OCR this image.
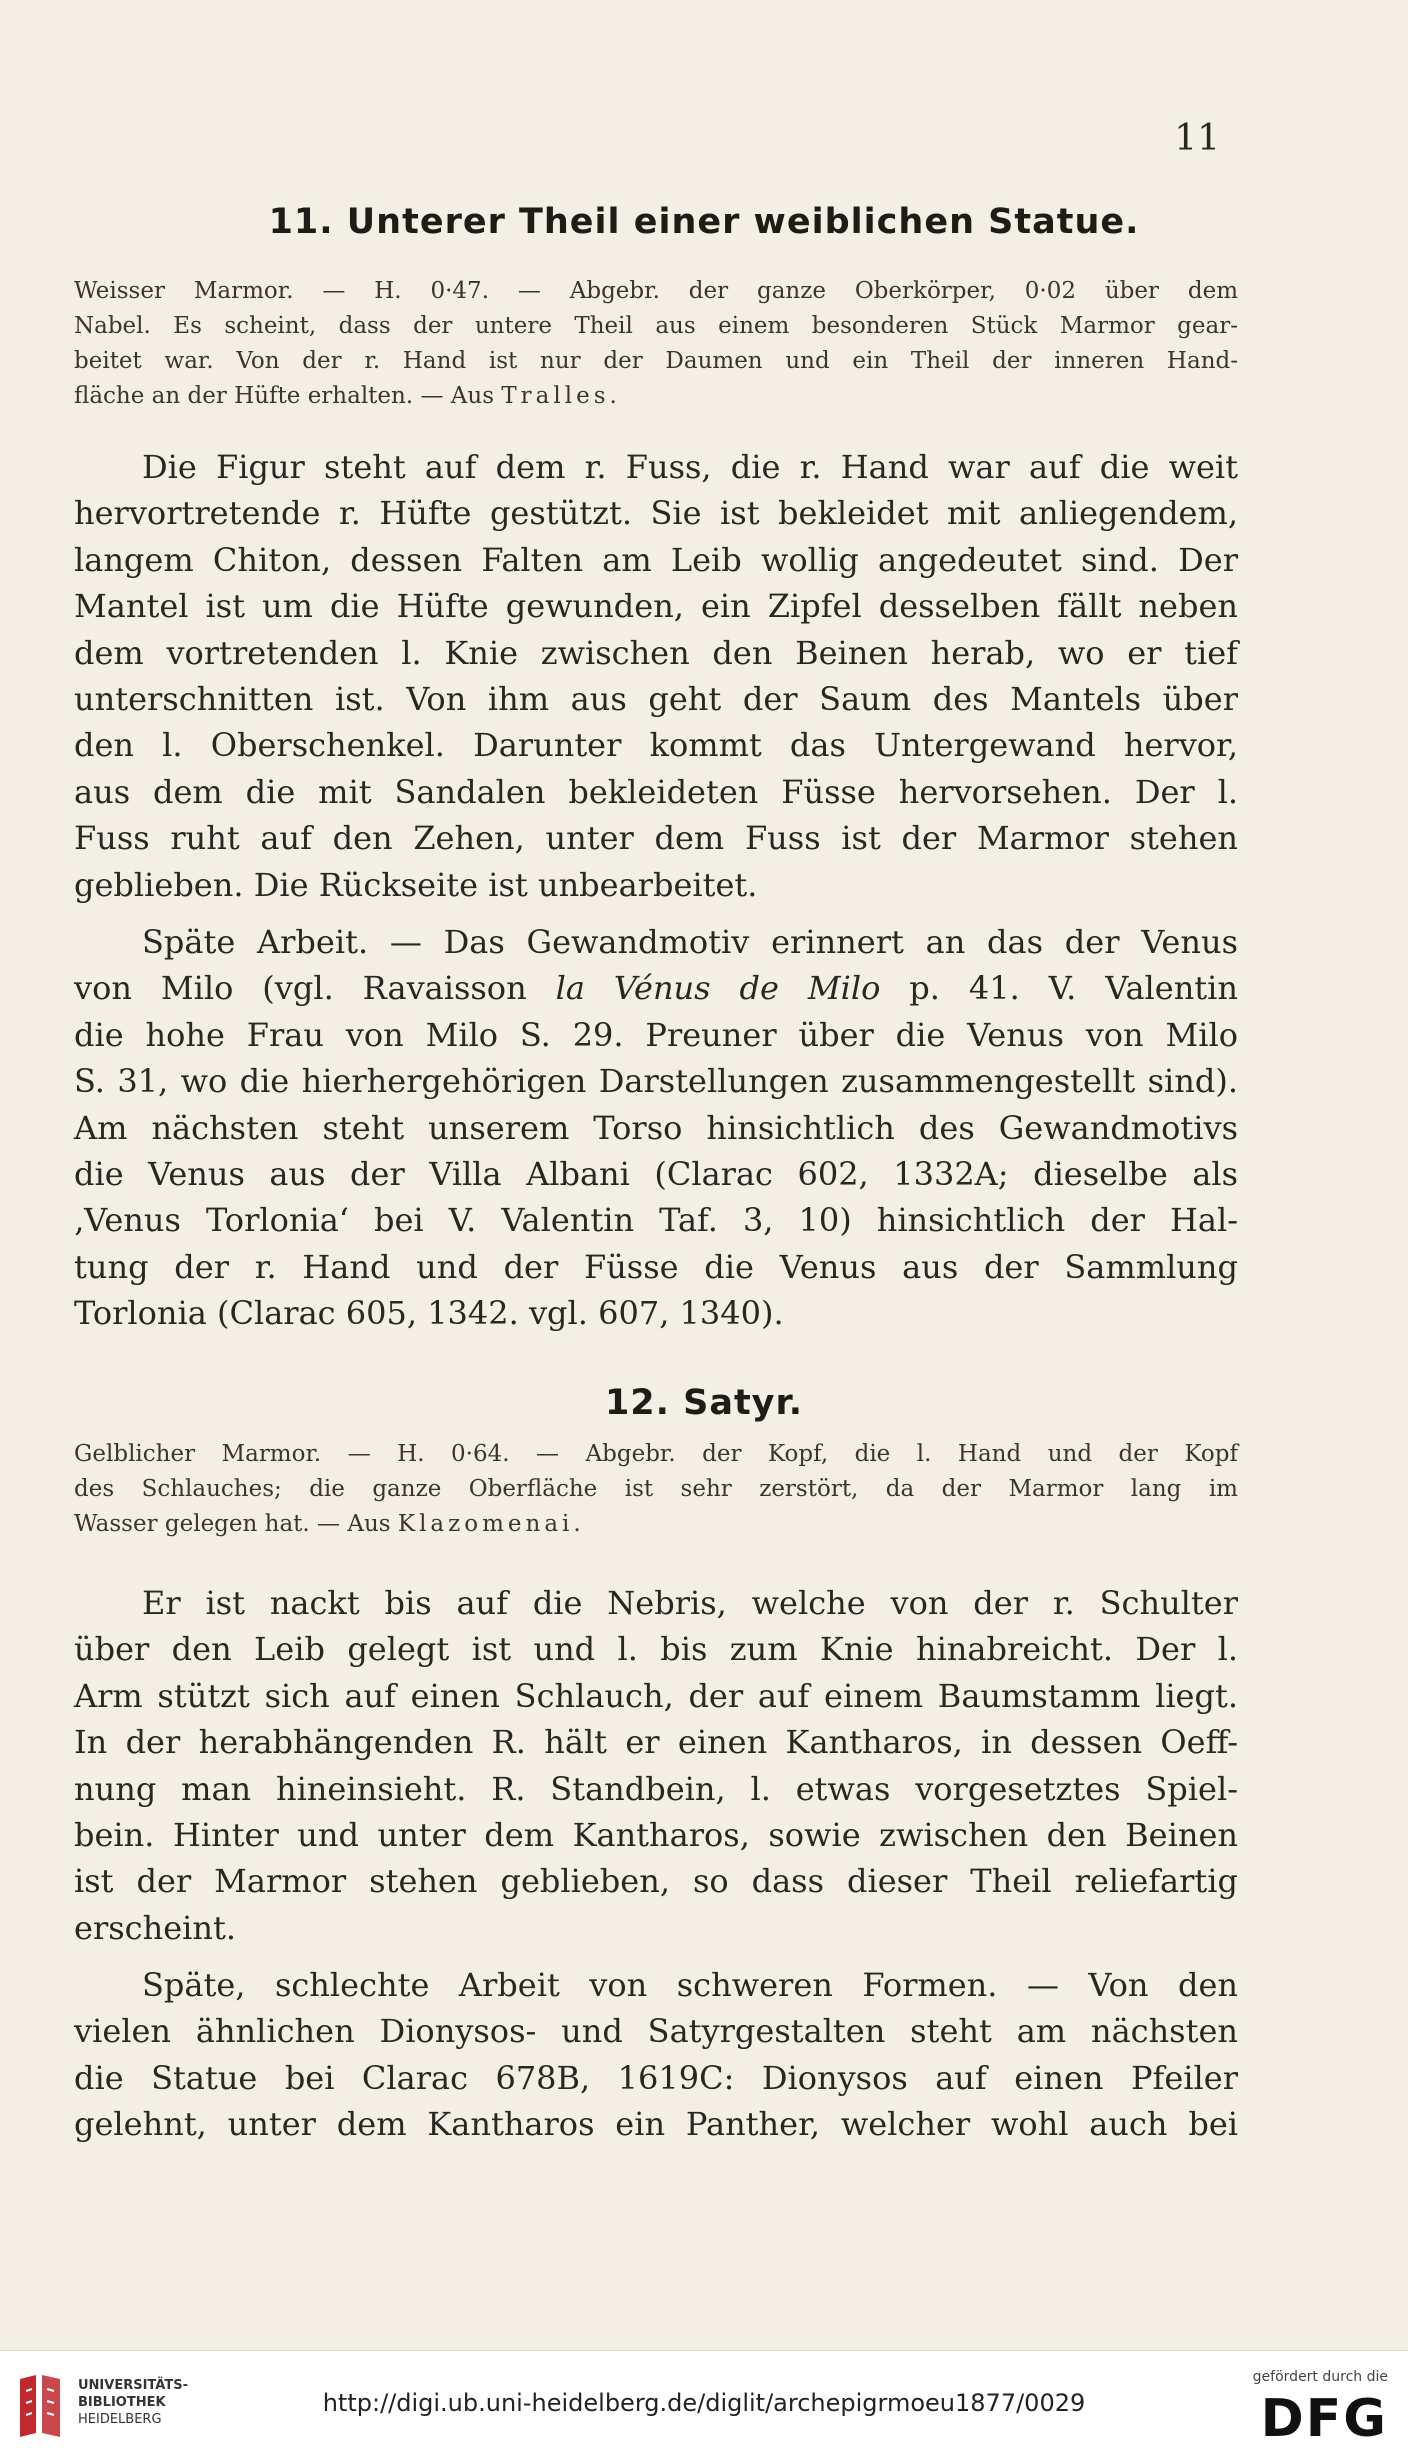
11
11. Unterer Theil einer weiblichen Statue.
Weisser Marmor. — H. 0·47. — Abgebr. der ganze Oberkörper, 0·02 über dem
Nabel. Es scheint, dass der untere Theil aus einem besonderen Stück Marmor gear-
beitet war. Von der r. Hand ist nur der Daumen und ein Theil der inneren Hand-
fläche an der Hüfte erhalten. — Aus Tralles.
Die Figur steht auf dem r. Fuss, die r. Hand war auf die weit
hervortretende r. Hüfte gestützt. Sie ist bekleidet mit anliegendem,
langem Chiton, dessen Falten am Leib wollig angedeutet sind. Der
Mantel ist um die Hüfte gewunden, ein Zipfel desselben fällt neben
dem vortretenden l. Knie zwischen den Beinen herab, wo er tief
unterschnitten ist. Von ihm aus geht der Saum des Mantels über
den l. Oberschenkel. Darunter kommt das Untergewand hervor,
aus dem die mit Sandalen bekleideten Füsse hervorsehen. Der l.
Fuss ruht auf den Zehen, unter dem Fuss ist der Marmor stehen
geblieben. Die Rückseite ist unbearbeitet.
Späte Arbeit. — Das Gewandmotiv erinnert an das der Venus
von Milo (vgl. Ravaisson la Vénus de Milo p. 41. V. Valentin
die hohe Frau von Milo S. 29. Preuner über die Venus von Milo
S. 31, wo die hierhergehörigen Darstellungen zusammengestellt sind).
Am nächsten steht unserem Torso hinsichtlich des Gewandmotivs
die Venus aus der Villa Albani (Clarac 602, 1332A; dieselbe als
‚Venus Torlonia‘ bei V. Valentin Taf. 3, 10) hinsichtlich der Hal-
tung der r. Hand und der Füsse die Venus aus der Sammlung
Torlonia (Clarac 605, 1342. vgl. 607, 1340).
12. Satyr.
Gelblicher Marmor. — H. 0·64. — Abgebr. der Kopf, die l. Hand und der Kopf
des Schlauches; die ganze Oberfläche ist sehr zerstört, da der Marmor lang im
Wasser gelegen hat. — Aus Klazomenai.
Er ist nackt bis auf die Nebris, welche von der r. Schulter
über den Leib gelegt ist und l. bis zum Knie hinabreicht. Der l.
Arm stützt sich auf einen Schlauch, der auf einem Baumstamm liegt.
In der herabhängenden R. hält er einen Kantharos, in dessen Oeff-
nung man hineinsieht. R. Standbein, l. etwas vorgesetztes Spiel-
bein. Hinter und unter dem Kantharos, sowie zwischen den Beinen
ist der Marmor stehen geblieben, so dass dieser Theil reliefartig
erscheint.
Späte, schlechte Arbeit von schweren Formen. — Von den
vielen ähnlichen Dionysos- und Satyrgestalten steht am nächsten
die Statue bei Clarac 678B, 1619C: Dionysos auf einen Pfeiler
gelehnt, unter dem Kantharos ein Panther, welcher wohl auch bei
UNIVERSITÄTS-
BIBLIOTHEK
HEIDELBERG
http://digi.ub.uni-heidelberg.de/diglit/archepigrmoeu1877/0029
gefördert durch die
DFG
